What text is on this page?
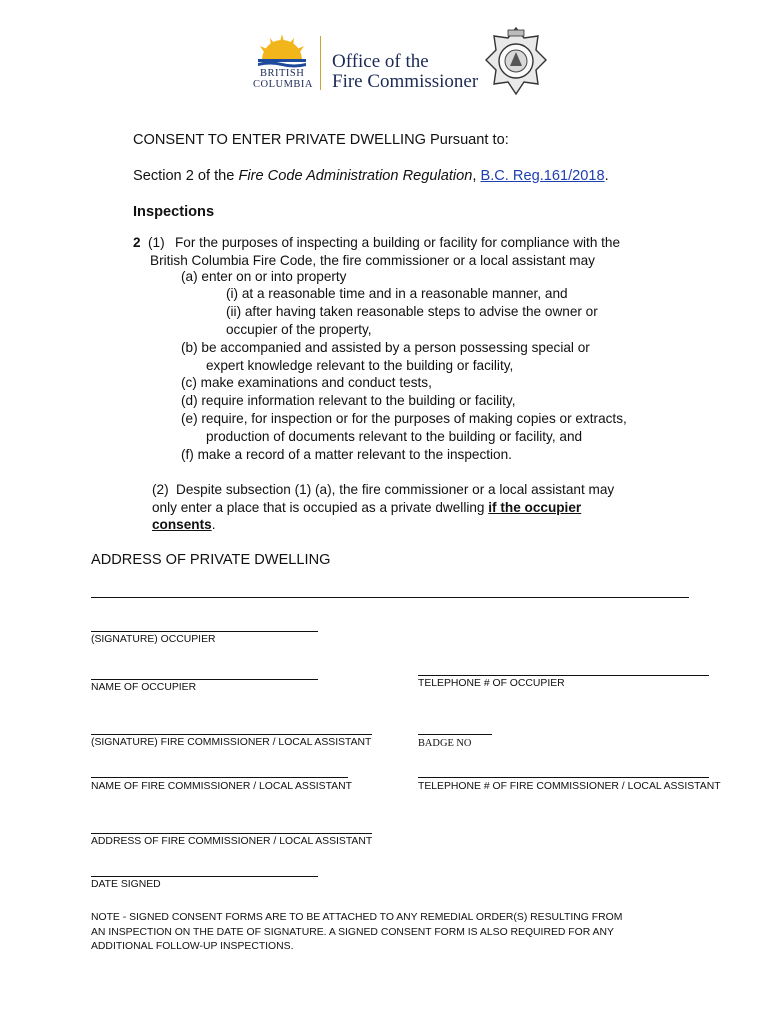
BRITISH
COLUMBIA
Office of the
Fire Commissioner
CONSENT TO ENTER PRIVATE DWELLING Pursuant to:
Section 2 of the Fire Code Administration Regulation, B.C. Reg.161/2018.
Inspections
2 (1) For the purposes of inspecting a building or facility for compliance with the
British Columbia Fire Code, the fire commissioner or a local assistant may
(a) enter on or into property
(i) at a reasonable time and in a reasonable manner, and
(ii) after having taken reasonable steps to advise the owner or
occupier of the property,
(b) be accompanied and assisted by a person possessing special or
expert knowledge relevant to the building or facility,
(c) make examinations and conduct tests,
(d) require information relevant to the building or facility,
(e) require, for inspection or for the purposes of making copies or extracts,
production of documents relevant to the building or facility, and
(f) make a record of a matter relevant to the inspection.
(2) Despite subsection (1) (a), the fire commissioner or a local assistant may
only enter a place that is occupied as a private dwelling if the occupier
consents.
ADDRESS OF PRIVATE DWELLING
(SIGNATURE) OCCUPIER
NAME OF OCCUPIER	TELEPHONE # OF OCCUPIER
(SIGNATURE) FIRE COMMISSIONER / LOCAL ASSISTANT	BADGE NO
NAME OF FIRE COMMISSIONER / LOCAL ASSISTANT	TELEPHONE # OF FIRE COMMISSIONER / LOCAL ASSISTANT
ADDRESS OF FIRE COMMISSIONER / LOCAL ASSISTANT
DATE SIGNED
NOTE - SIGNED CONSENT FORMS ARE TO BE ATTACHED TO ANY REMEDIAL ORDER(S) RESULTING FROM
AN INSPECTION ON THE DATE OF SIGNATURE. A SIGNED CONSENT FORM IS ALSO REQUIRED FOR ANY
ADDITIONAL FOLLOW-UP INSPECTIONS.
